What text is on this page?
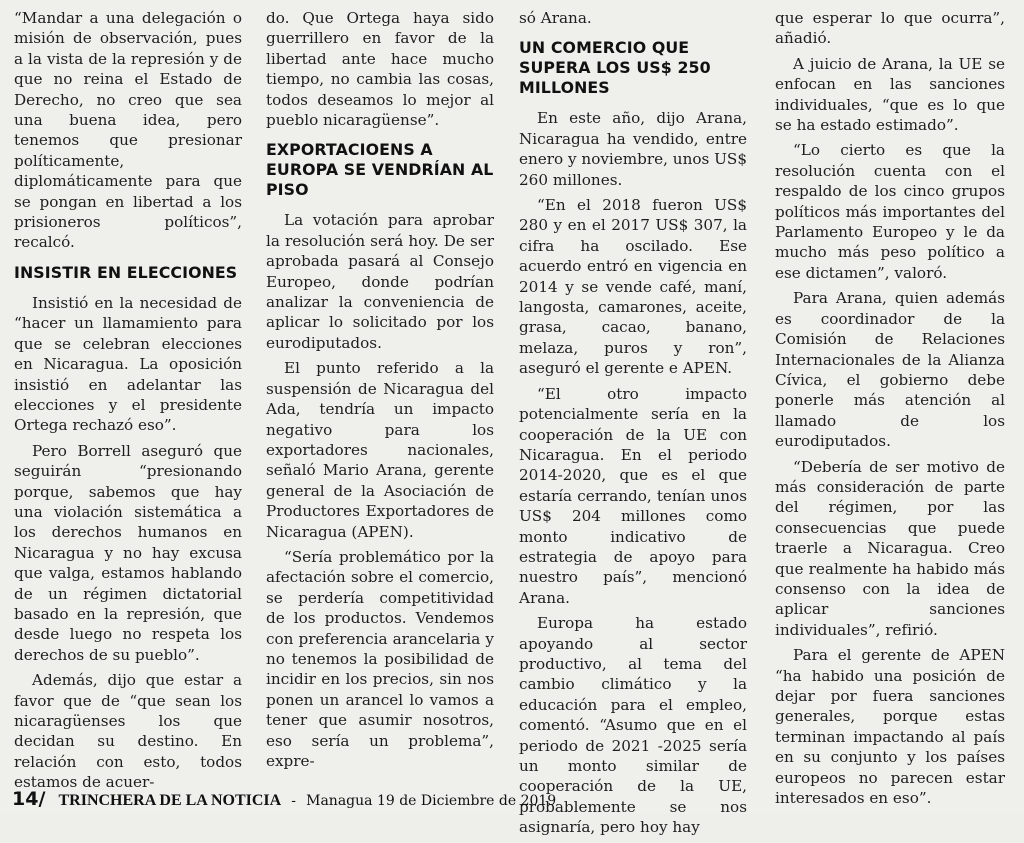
“Mandar a una delegación o misión de observación, pues a la vista de la represión y de que no reina el Estado de Derecho, no creo que sea una buena idea, pero tenemos que presionar políticamente, diplomáticamente para que se pongan en libertad a los prisioneros políticos”, recalcó.

INSISTIR EN ELECCIONES

Insistió en la necesidad de “hacer un llamamiento para que se celebran elecciones en Nicaragua. La oposición insistió en adelantar las elecciones y el presidente Ortega rechazó eso”.

Pero Borrell aseguró que seguirán “presionando porque, sabemos que hay una violación sistemática a los derechos humanos en Nicaragua y no hay excusa que valga, estamos hablando de un régimen dictatorial basado en la represión, que desde luego no respeta los derechos de su pueblo”.

Además, dijo que estar a favor que de “que sean los nicaragüenses los que decidan su destino. En relación con esto, todos estamos de acuer-

do. Que Ortega haya sido guerrillero en favor de la libertad ante hace mucho tiempo, no cambia las cosas, todos deseamos lo mejor al pueblo nicaragüense”.

EXPORTACIOENS A EUROPA SE VENDRÍAN AL PISO

La votación para aprobar la resolución será hoy. De ser aprobada pasará al Consejo Europeo, donde podrían analizar la conveniencia de aplicar lo solicitado por los eurodiputados.

El punto referido a la suspensión de Nicaragua del Ada, tendría un impacto negativo para los exportadores nacionales, señaló Mario Arana, gerente general de la Asociación de Productores Exportadores de Nicaragua (APEN).

“Sería problemático por la afectación sobre el comercio, se perdería competitividad de los productos. Vendemos con preferencia arancelaria y no tenemos la posibilidad de incidir en los precios, sin nos ponen un arancel lo vamos a tener que asumir nosotros, eso sería un problema”, expre-

só Arana.

UN COMERCIO QUE SUPERA LOS US$ 250 MILLONES

En este año, dijo Arana, Nicaragua ha vendido, entre enero y noviembre, unos US$ 260 millones.

“En el 2018 fueron US$ 280 y en el 2017 US$ 307, la cifra ha oscilado. Ese acuerdo entró en vigencia en 2014 y se vende café, maní, langosta, camarones, aceite, grasa, cacao, banano, melaza, puros y ron”, aseguró el gerente e APEN.

“El otro impacto potencialmente sería en la cooperación de la UE con Nicaragua. En el periodo 2014-2020, que es el que estaría cerrando, tenían unos US$ 204 millones como monto indicativo de estrategia de apoyo para nuestro país”, mencionó Arana.

Europa ha estado apoyando al sector productivo, al tema del cambio climático y la educación para el empleo, comentó. “Asumo que en el periodo de 2021 -2025 sería un monto similar de cooperación de la UE, probablemente se nos asignaría, pero hoy hay

que esperar lo que ocurra”, añadió.

A juicio de Arana, la UE se enfocan en las sanciones individuales, “que es lo que se ha estado estimado”.

“Lo cierto es que la resolución cuenta con el respaldo de los cinco grupos políticos más importantes del Parlamento Europeo y le da mucho más peso político a ese dictamen”, valoró.

Para Arana, quien además es coordinador de la Comisión de Relaciones Internacionales de la Alianza Cívica, el gobierno debe ponerle más atención al llamado de los eurodiputados.

“Debería de ser motivo de más consideración de parte del régimen, por las consecuencias que puede traerle a Nicaragua. Creo que realmente ha habido más consenso con la idea de aplicar sanciones individuales”, refirió.

Para el gerente de APEN “ha habido una posición de dejar por fuera sanciones generales, porque estas terminan impactando al país en su conjunto y los países europeos no parecen estar interesados en eso”.

14/ TRINCHERA DE LA NOTICIA - Managua 19 de Diciembre de 2019
